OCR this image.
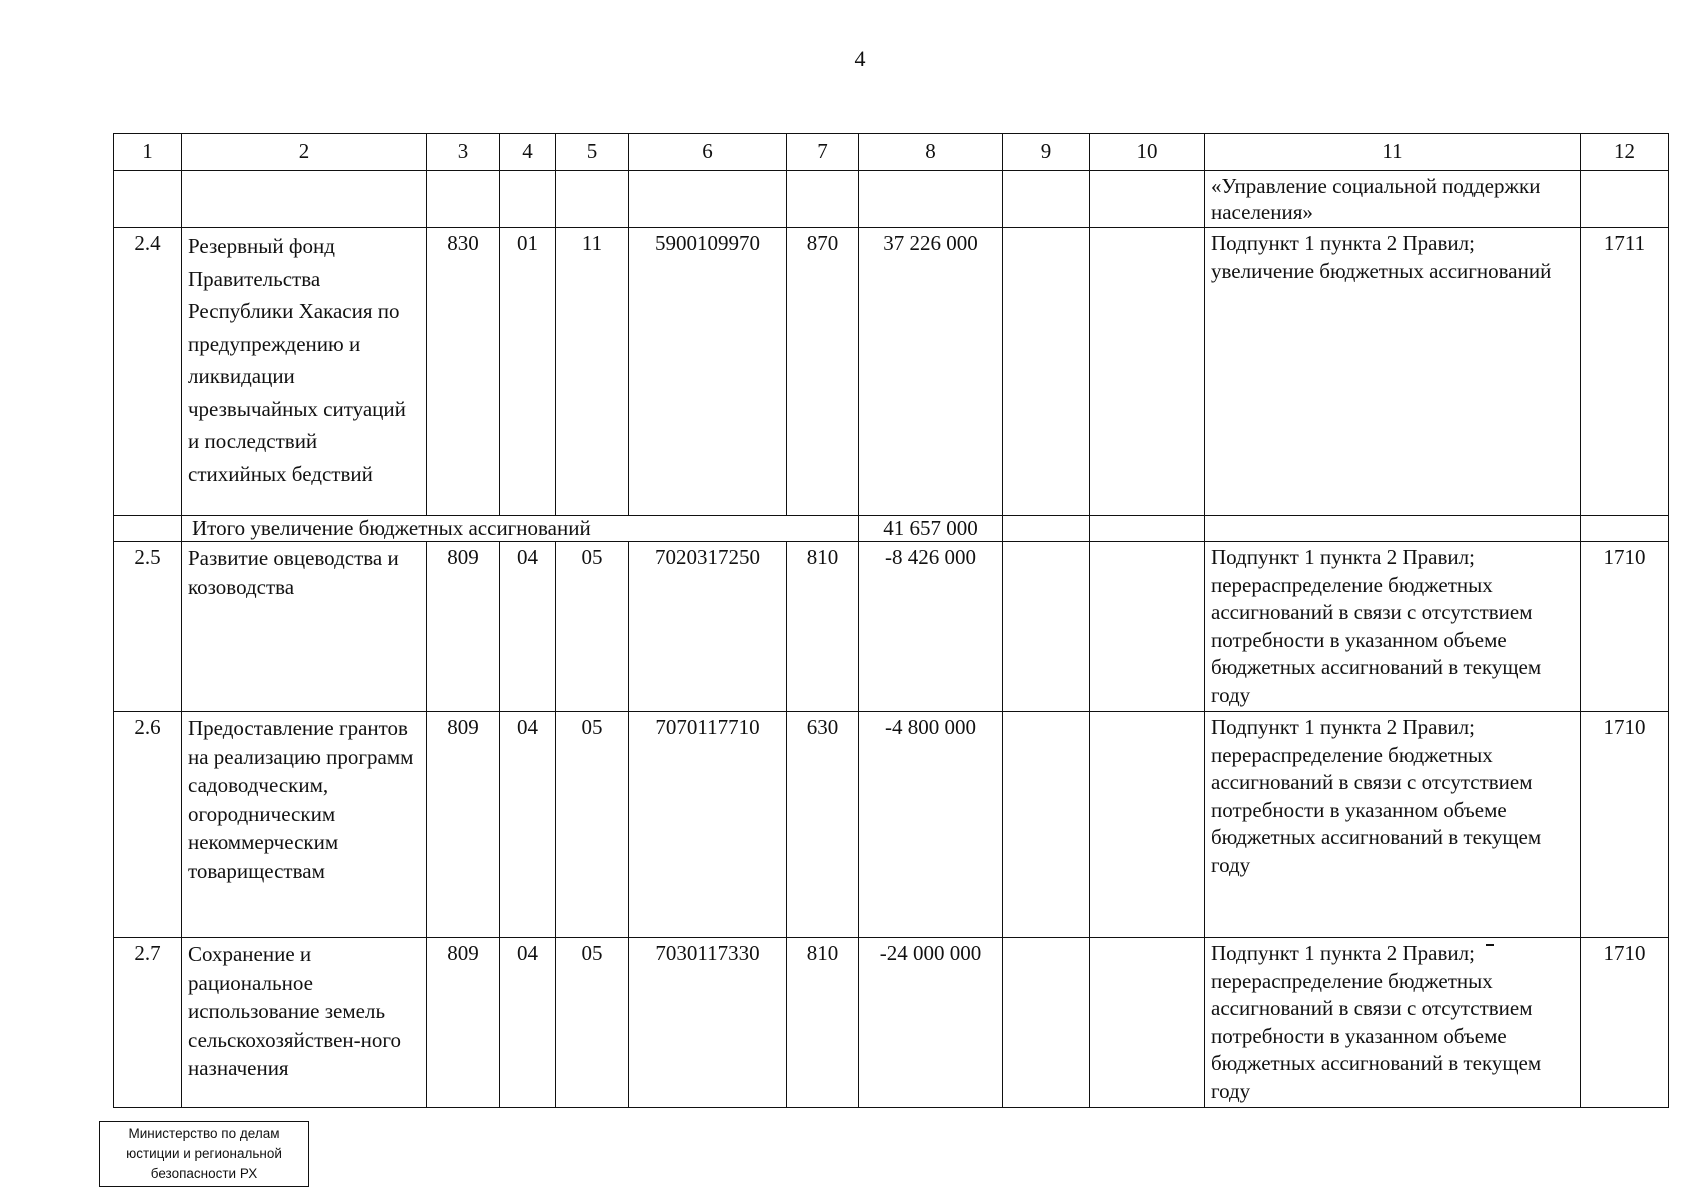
4
1	2	3	4	5	6	7	8	9	10	11	12
										«Управление социальной поддержки населения»	
2.4	Резервный фонд Правительства Республики Хакасия по предупреждению и ликвидации чрезвычайных ситуаций и последствий стихийных бедствий	830	01	11	5900109970	870	37 226 000			Подпункт 1 пункта 2 Правил; увеличение бюджетных ассигнований	1711
	Итого увеличение бюджетных ассигнований						41 657 000				
2.5	Развитие овцеводства и козоводства	809	04	05	7020317250	810	-8 426 000			Подпункт 1 пункта 2 Правил; перераспределение бюджетных ассигнований в связи с отсутствием потребности в указанном объеме бюджетных ассигнований в текущем году	1710
2.6	Предоставление грантов на реализацию программ садоводческим, огородническим некоммерческим товариществам	809	04	05	7070117710	630	-4 800 000			Подпункт 1 пункта 2 Правил; перераспределение бюджетных ассигнований в связи с отсутствием потребности в указанном объеме бюджетных ассигнований в текущем году	1710
2.7	Сохранение и рациональное использование земель сельскохозяйствен-ного назначения	809	04	05	7030117330	810	-24 000 000			Подпункт 1 пункта 2 Правил; перераспределение бюджетных ассигнований в связи с отсутствием потребности в указанном объеме бюджетных ассигнований в текущем году	1710
Министерство по делам
юстиции и региональной
безопасности РХ
